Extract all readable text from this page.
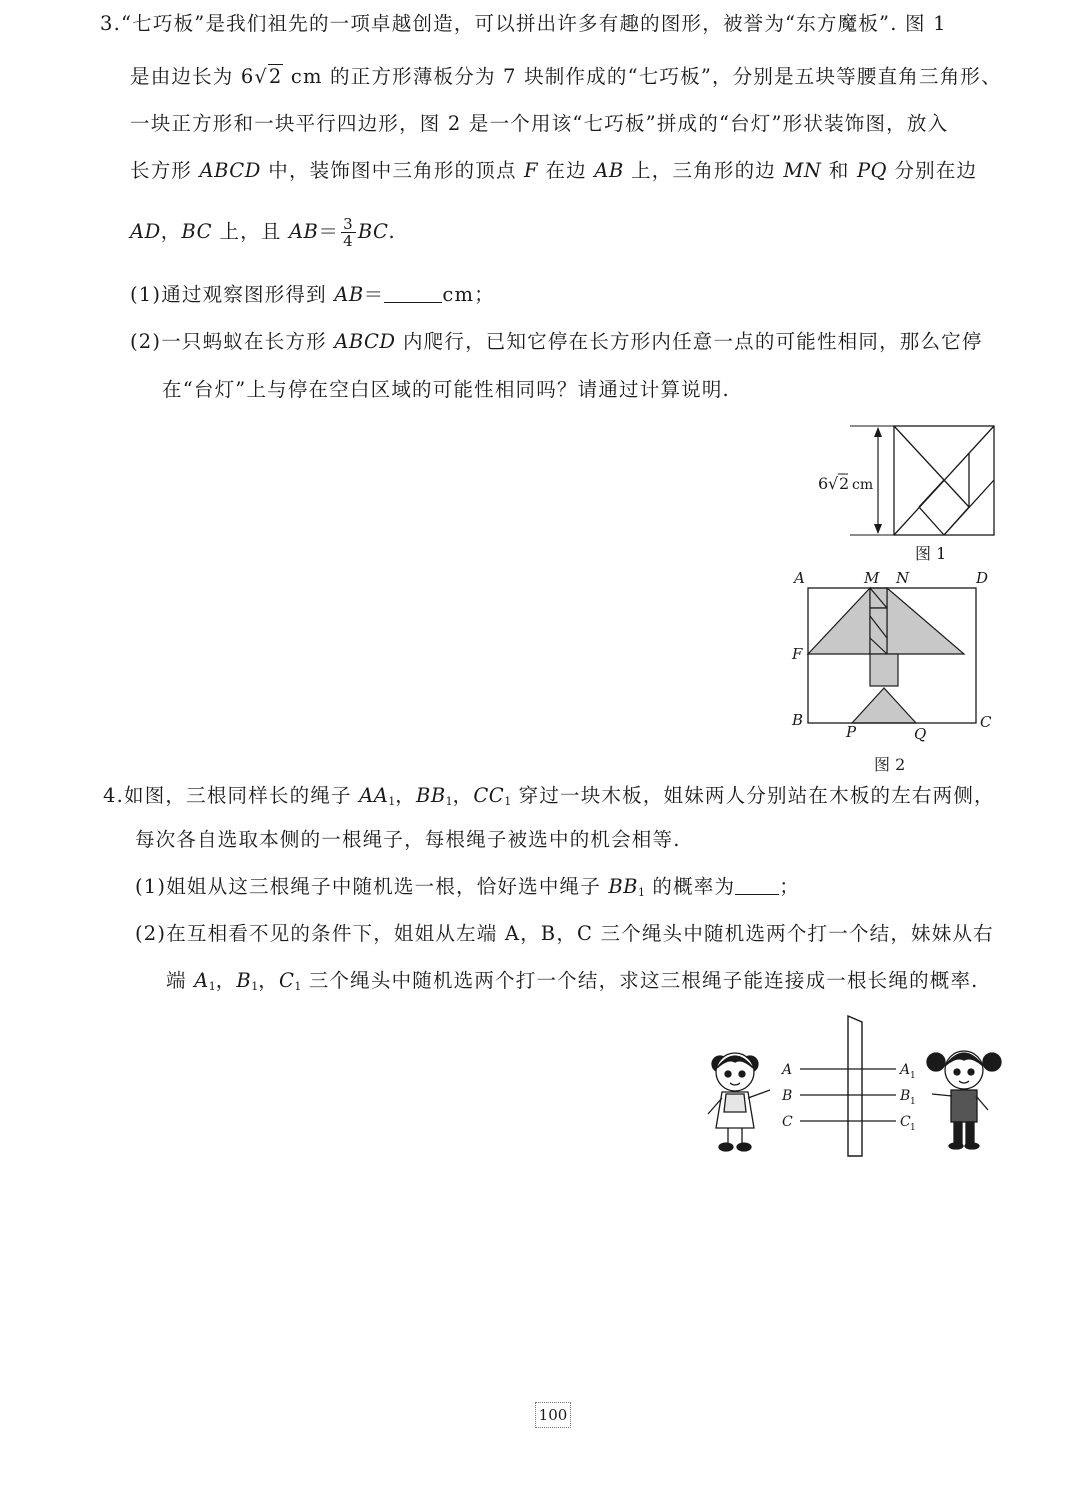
3.“七巧板”是我们祖先的一项卓越创造，可以拼出许多有趣的图形，被誉为“东方魔板”. 图 1
是由边长为 6√2 cm 的正方形薄板分为 7 块制作成的“七巧板”，分别是五块等腰直角三角形、
一块正方形和一块平行四边形，图 2 是一个用该“七巧板”拼成的“台灯”形状装饰图，放入
长方形 ABCD 中，装饰图中三角形的顶点 F 在边 AB 上，三角形的边 MN 和 PQ 分别在边
AD，BC 上，且 $AB= \frac{3}{4}$ BC.
(1)通过观察图形得到 AB＝	cm；
(2)一只蚂蚁在长方形 ABCD 内爬行，已知它停在长方形内任意一点的可能性相同，那么它停
在“台灯”上与停在空白区域的可能性相同吗？请通过计算说明.
6 √ 2 cm
图 1
A	M N	D
F
B	C
P	Q
图 2
4.如图，三根同样长的绳子 $AA_1$，$BB_1$，$CC_1$ 穿过一块木板，姐妹两人分别站在木板的左右两侧，
每次各自选取本侧的一根绳子，每根绳子被选中的机会相等.
(1)姐姐从这三根绳子中随机选一根，恰好选中绳子 $BB_1$ 的概率为 ；
(2)在互相看不见的条件下，姐姐从左端 A，B，C 三个绳头中随机选两个打一个结，妹妹从右
端 $A_1$，$B_1$，$C_1$ 三个绳头中随机选两个打一个结，求这三根绳子能连接成一根长绳的概率.
A
B
C
A 1
B 1
C 1
100
